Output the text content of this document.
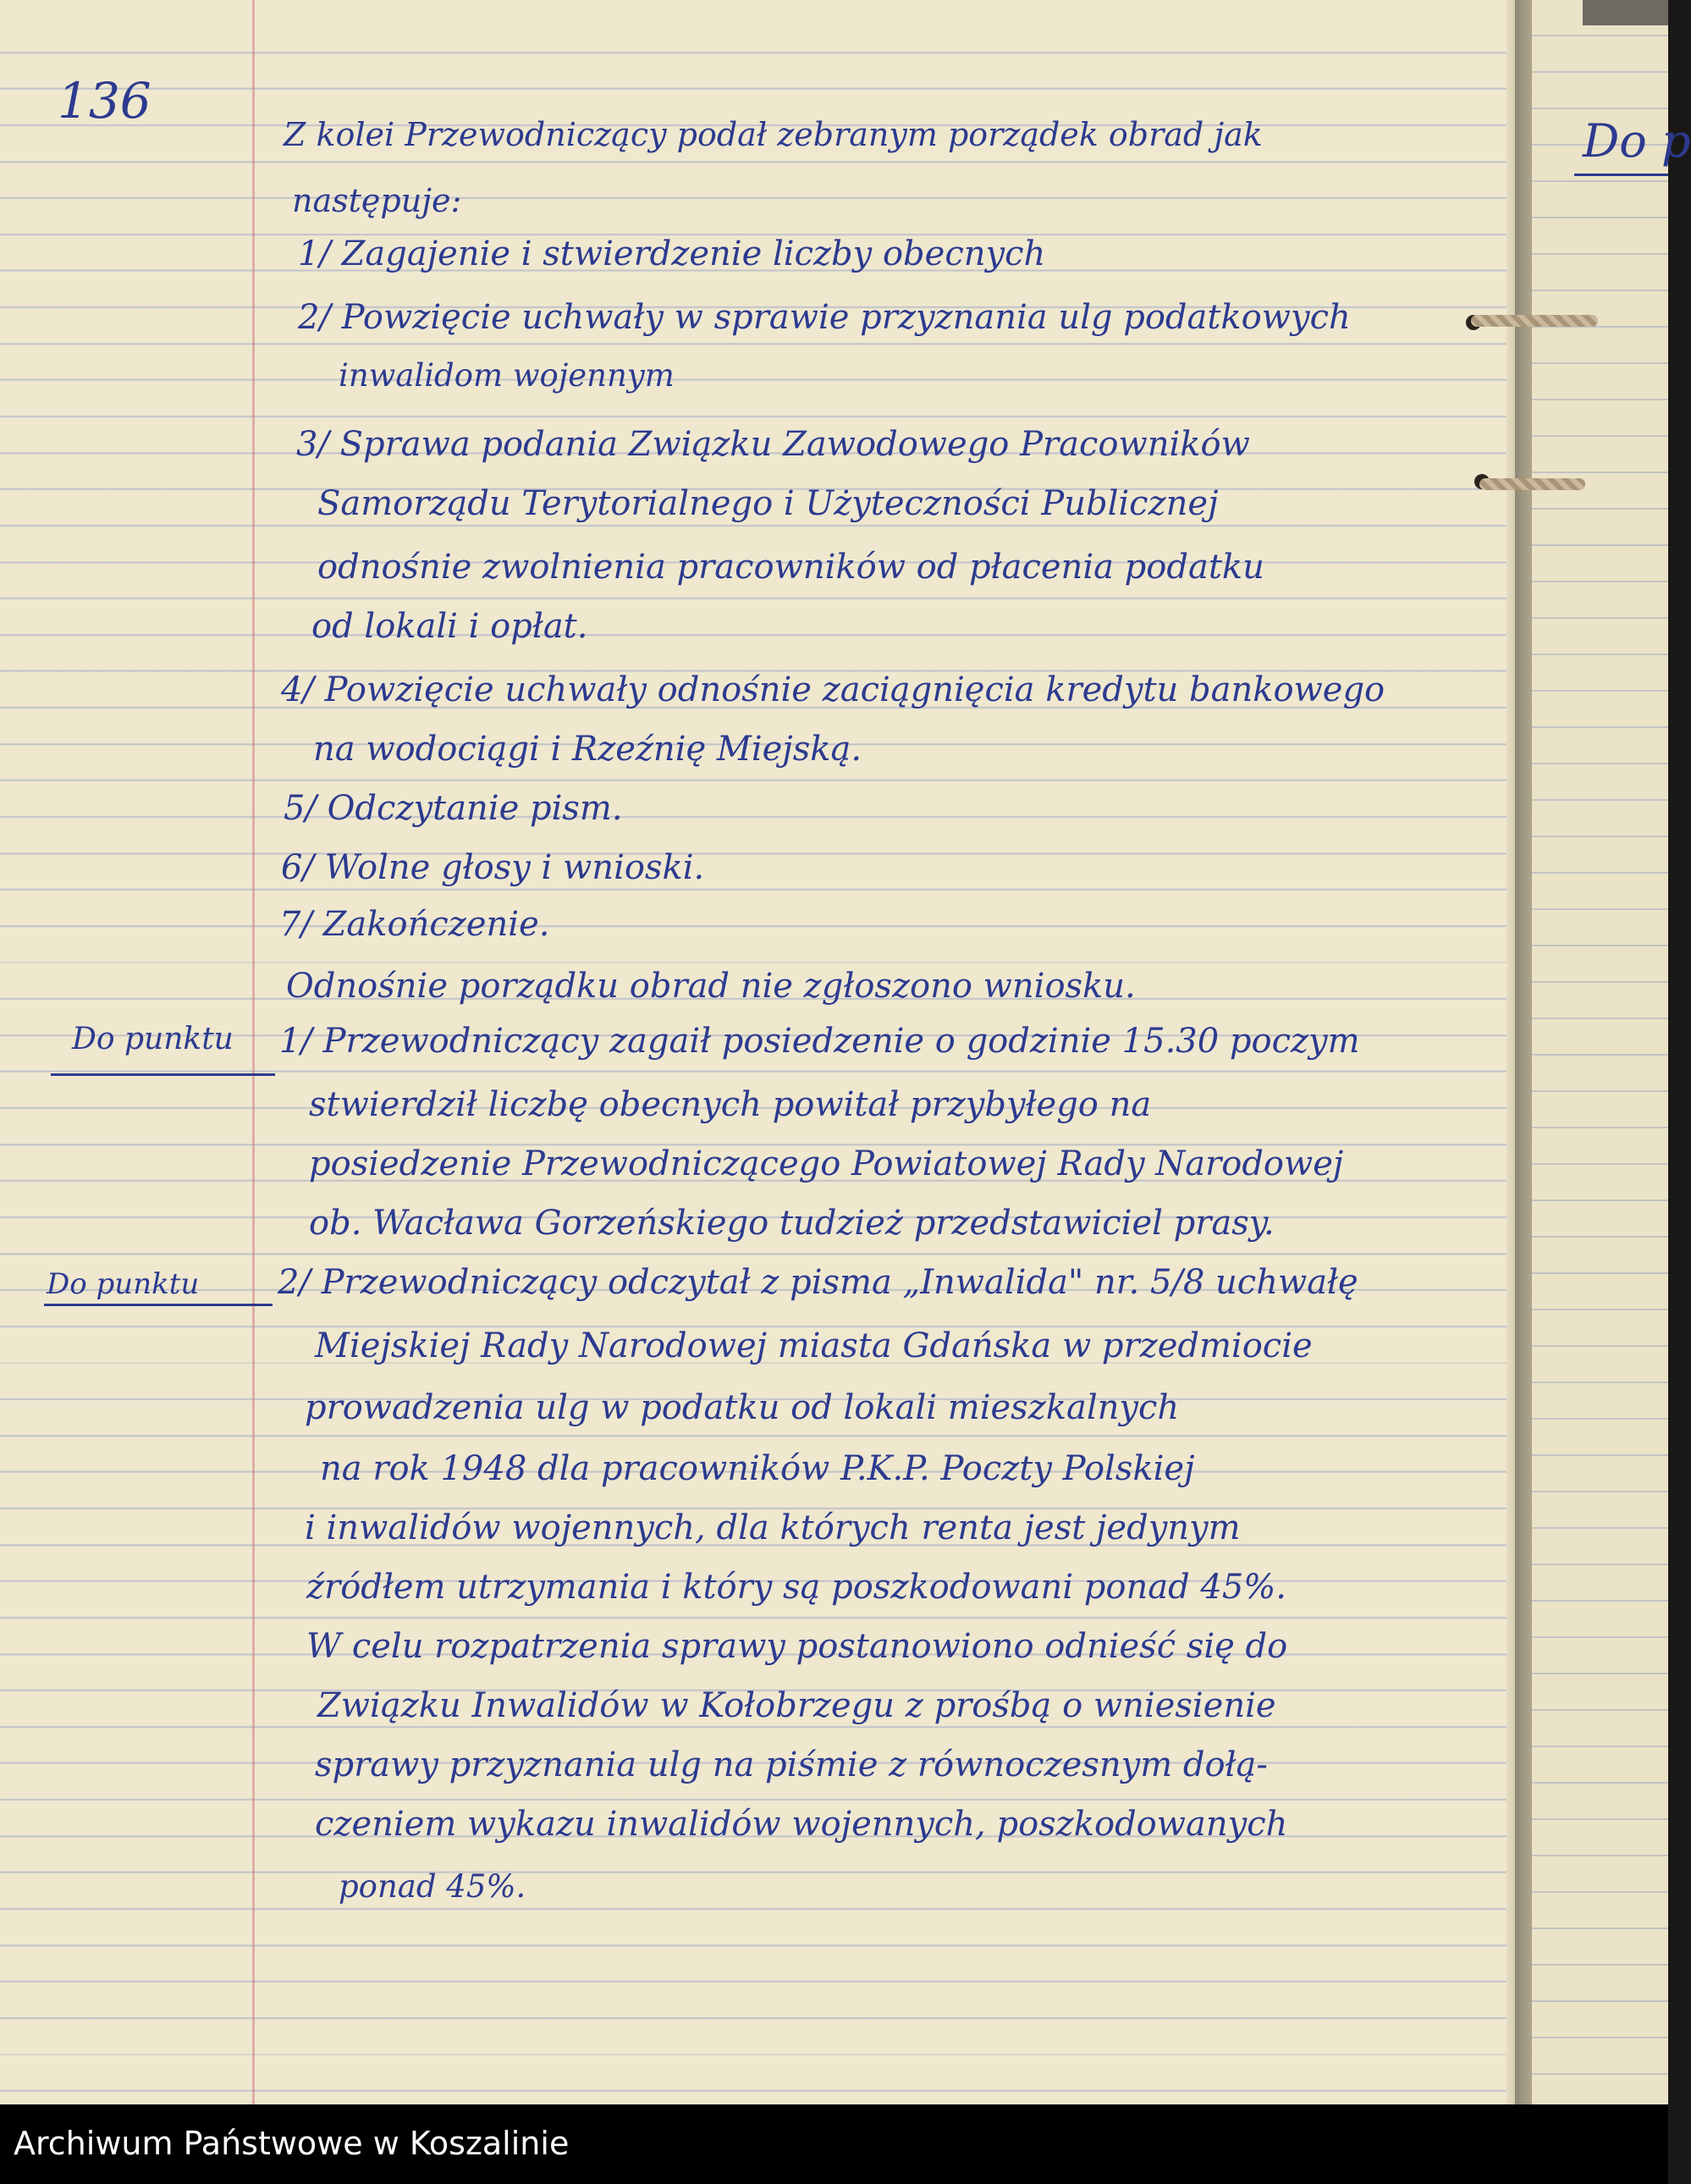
136
Do p
Z kolei Przewodniczący podał zebranym porządek obrad jak
następuje:
1/ Zagajenie i stwierdzenie liczby obecnych
2/ Powzięcie uchwały w sprawie przyznania ulg podatkowych
inwalidom wojennym
3/ Sprawa podania Związku Zawodowego Pracowników
Samorządu Terytorialnego i Użyteczności Publicznej
odnośnie zwolnienia pracowników od płacenia podatku
od lokali i opłat.
4/ Powzięcie uchwały odnośnie zaciągnięcia kredytu bankowego
na wodociągi i Rzeźnię Miejską.
5/ Odczytanie pism.
6/ Wolne głosy i wnioski.
7/ Zakończenie.
Odnośnie porządku obrad nie zgłoszono wniosku.
Do punktu 1/ Przewodniczący zagaił posiedzenie o godzinie 15.30 poczym
stwierdził liczbę obecnych powitał przybyłego na
posiedzenie Przewodniczącego Powiatowej Rady Narodowej
ob. Wacława Gorzeńskiego tudzież przedstawiciel prasy.
Do punktu 2/ Przewodniczący odczytał z pisma „Inwalida" nr. 5/8 uchwałę
Miejskiej Rady Narodowej miasta Gdańska w przedmiocie
prowadzenia ulg w podatku od lokali mieszkalnych
na rok 1948 dla pracowników P.K.P. Poczty Polskiej
i inwalidów wojennych, dla których renta jest jedynym
źródłem utrzymania i który są poszkodowani ponad 45%.
W celu rozpatrzenia sprawy postanowiono odnieść się do
Związku Inwalidów w Kołobrzegu z prośbą o wniesienie
sprawy przyznania ulg na piśmie z równoczesnym dołą-
czeniem wykazu inwalidów wojennych, poszkodowanych
ponad 45%.
Archiwum Państwowe w Koszalinie
